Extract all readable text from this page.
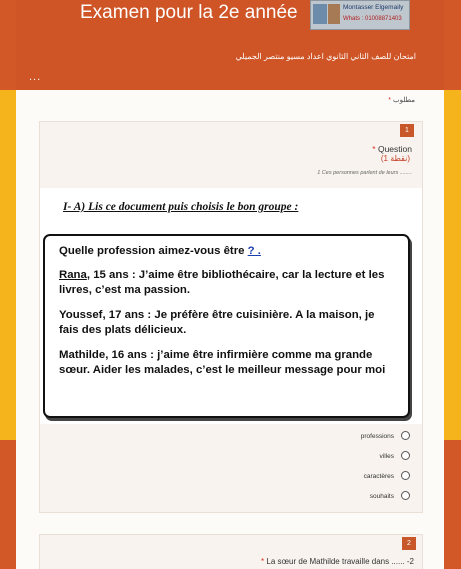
Examen pour la 2e année	Montasser Elgemaily
Whats : 01008871403
امتحان للصف الثاني الثانوي اعداد مسيو منتصر الجميلي
...
* مطلوب
1
* Question
(1 نقطة)
1 Ces personnes parlent de leurs ........
I- A) Lis ce document puis choisis le bon groupe :

Quelle profession aimez-vous être ? .

Rana, 15 ans : J’aime être bibliothécaire, car la lecture et les livres, c’est ma passion.

Youssef, 17 ans : Je préfère être cuisinière. A la maison, je fais des plats délicieux.

Mathilde, 16 ans : j’aime être infirmière comme ma grande sœur. Aider les malades, c’est le meilleur message pour moi

professions
villes
caractères
souhaits
2
* La sœur de Mathilde travaille dans ...... -2
